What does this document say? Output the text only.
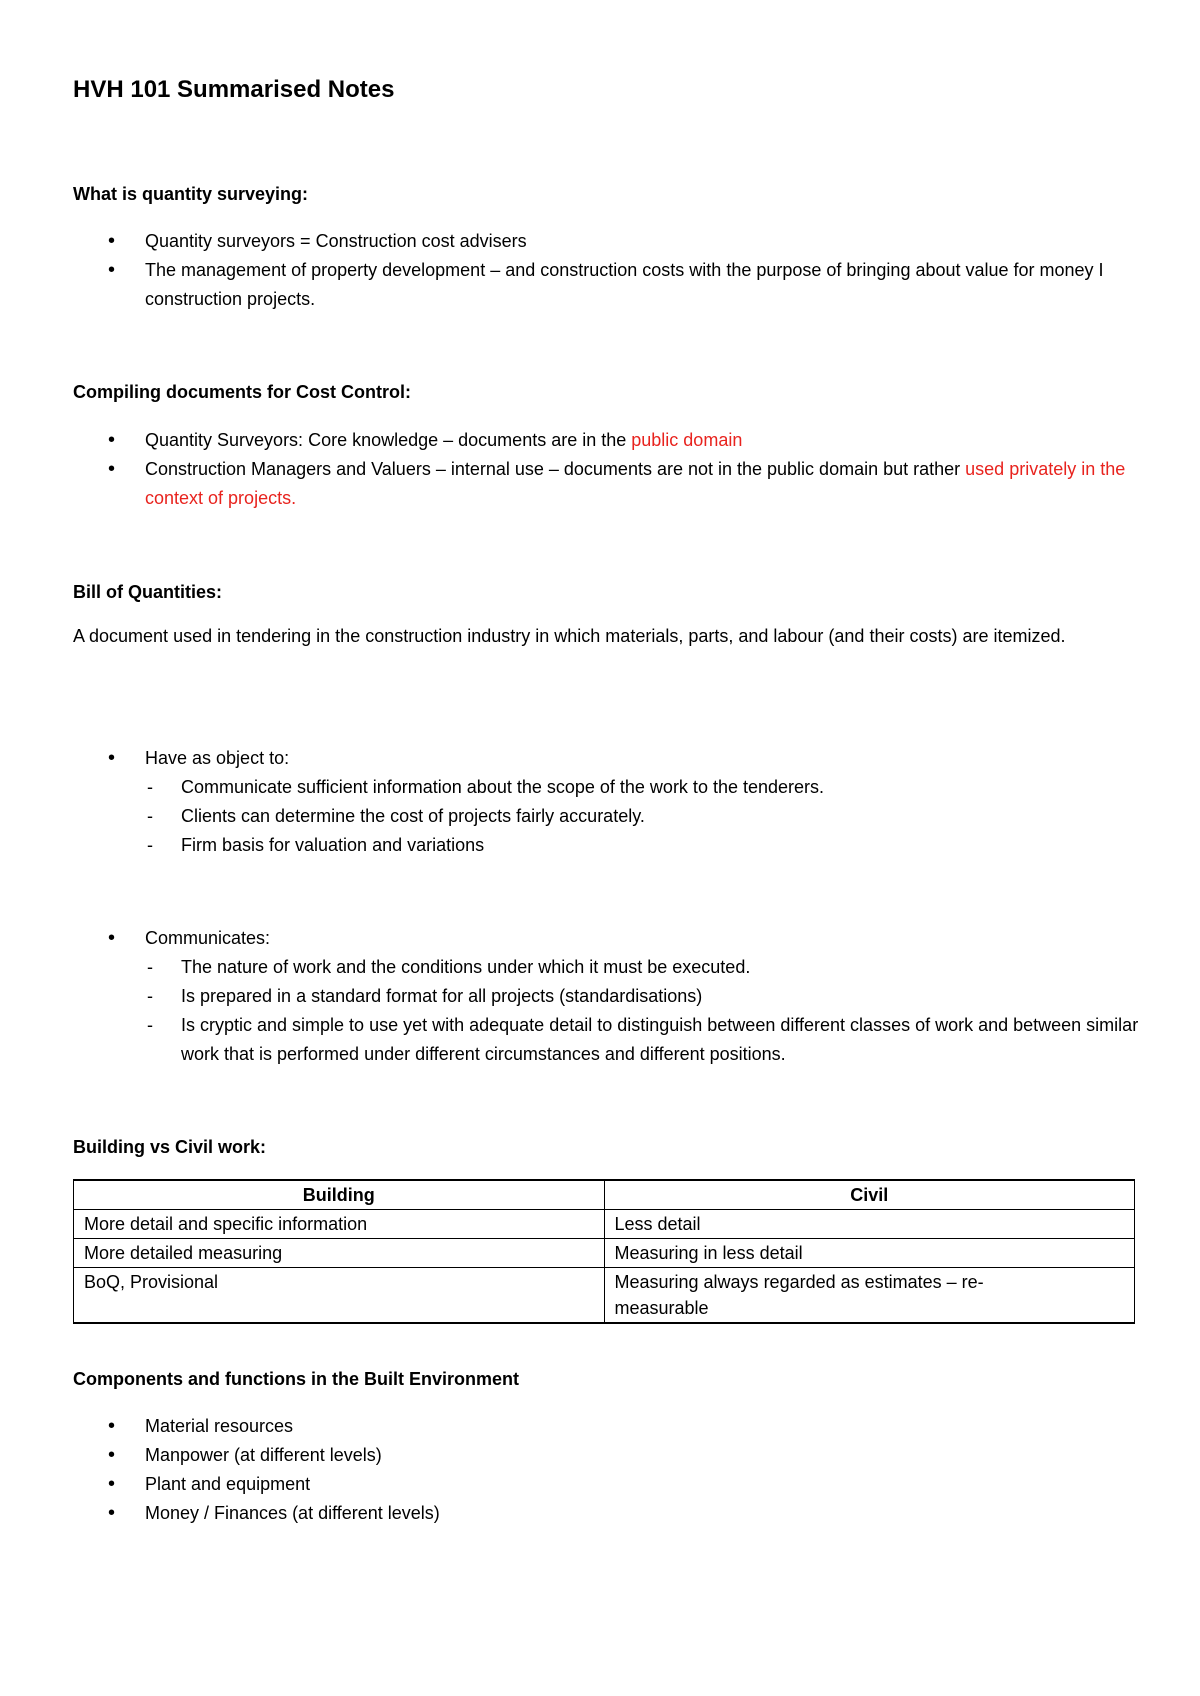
HVH 101 Summarised Notes
What is quantity surveying:
• Quantity surveyors = Construction cost advisers
• The management of property development – and construction costs with the purpose of bringing about value for money I construction projects.
Compiling documents for Cost Control:
• Quantity Surveyors: Core knowledge – documents are in the public domain
• Construction Managers and Valuers – internal use – documents are not in the public domain but rather used privately in the context of projects.
Bill of Quantities:
A document used in tendering in the construction industry in which materials, parts, and labour (and their costs) are itemized.
• Have as object to:
- Communicate sufficient information about the scope of the work to the tenderers.
- Clients can determine the cost of projects fairly accurately.
- Firm basis for valuation and variations
• Communicates:
- The nature of work and the conditions under which it must be executed.
- Is prepared in a standard format for all projects (standardisations)
- Is cryptic and simple to use yet with adequate detail to distinguish between different classes of work and between similar work that is performed under different circumstances and different positions.
Building vs Civil work:
Building	Civil
More detail and specific information	Less detail
More detailed measuring	Measuring in less detail
BoQ, Provisional	Measuring always regarded as estimates – re-measurable
Components and functions in the Built Environment
• Material resources
• Manpower (at different levels)
• Plant and equipment
• Money / Finances (at different levels)
